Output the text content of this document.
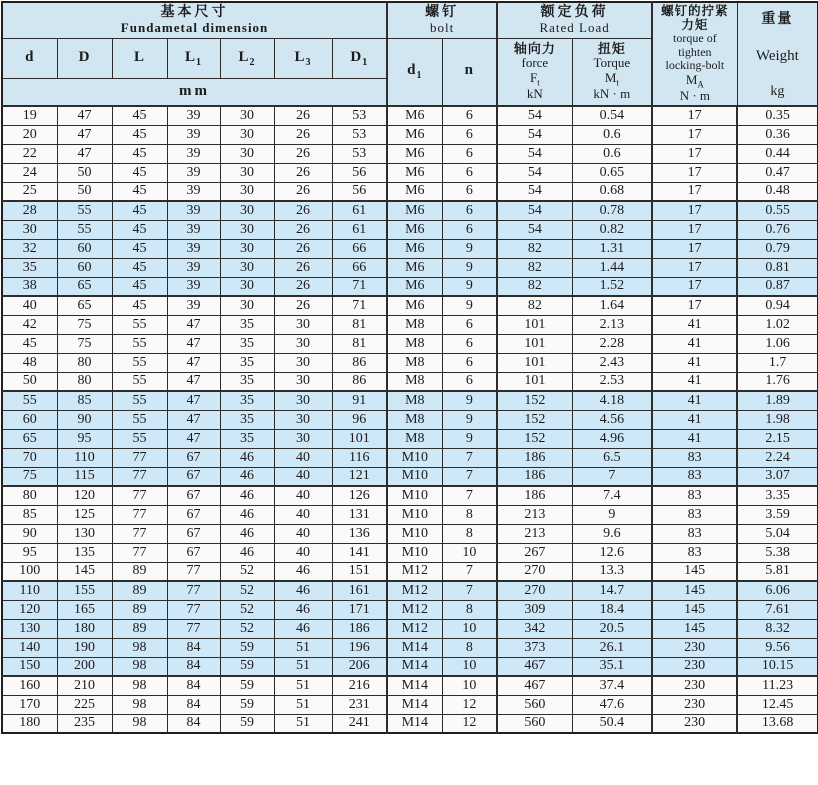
基本尺寸
Fundametal dimension

螺钉
bolt

额定负荷
Rated Load

螺钉的拧紧
力矩
torque of
tighten
locking-bolt
$M_A$
N · m

重量
Weight
kg

d	D	L	$L_1$	$L_2$	$L_3$	$D_1$	$d_1$	n	
轴向力
force
$F_t$
kN

扭矩
Torque
$M_t$
kN · m

mm												
19	47	45	39	30	26	53	M6	6	54	0.54	17	0.35
20	47	45	39	30	26	53	M6	6	54	0.6	17	0.36
22	47	45	39	30	26	53	M6	6	54	0.6	17	0.44
24	50	45	39	30	26	56	M6	6	54	0.65	17	0.47
25	50	45	39	30	26	56	M6	6	54	0.68	17	0.48
28	55	45	39	30	26	61	M6	6	54	0.78	17	0.55
30	55	45	39	30	26	61	M6	6	54	0.82	17	0.76
32	60	45	39	30	26	66	M6	9	82	1.31	17	0.79
35	60	45	39	30	26	66	M6	9	82	1.44	17	0.81
38	65	45	39	30	26	71	M6	9	82	1.52	17	0.87
40	65	45	39	30	26	71	M6	9	82	1.64	17	0.94
42	75	55	47	35	30	81	M8	6	101	2.13	41	1.02
45	75	55	47	35	30	81	M8	6	101	2.28	41	1.06
48	80	55	47	35	30	86	M8	6	101	2.43	41	1.7
50	80	55	47	35	30	86	M8	6	101	2.53	41	1.76
55	85	55	47	35	30	91	M8	9	152	4.18	41	1.89
60	90	55	47	35	30	96	M8	9	152	4.56	41	1.98
65	95	55	47	35	30	101	M8	9	152	4.96	41	2.15
70	110	77	67	46	40	116	M10	7	186	6.5	83	2.24
75	115	77	67	46	40	121	M10	7	186	7	83	3.07
80	120	77	67	46	40	126	M10	7	186	7.4	83	3.35
85	125	77	67	46	40	131	M10	8	213	9	83	3.59
90	130	77	67	46	40	136	M10	8	213	9.6	83	5.04
95	135	77	67	46	40	141	M10	10	267	12.6	83	5.38
100	145	89	77	52	46	151	M12	7	270	13.3	145	5.81
110	155	89	77	52	46	161	M12	7	270	14.7	145	6.06
120	165	89	77	52	46	171	M12	8	309	18.4	145	7.61
130	180	89	77	52	46	186	M12	10	342	20.5	145	8.32
140	190	98	84	59	51	196	M14	8	373	26.1	230	9.56
150	200	98	84	59	51	206	M14	10	467	35.1	230	10.15
160	210	98	84	59	51	216	M14	10	467	37.4	230	11.23
170	225	98	84	59	51	231	M14	12	560	47.6	230	12.45
180	235	98	84	59	51	241	M14	12	560	50.4	230	13.68
